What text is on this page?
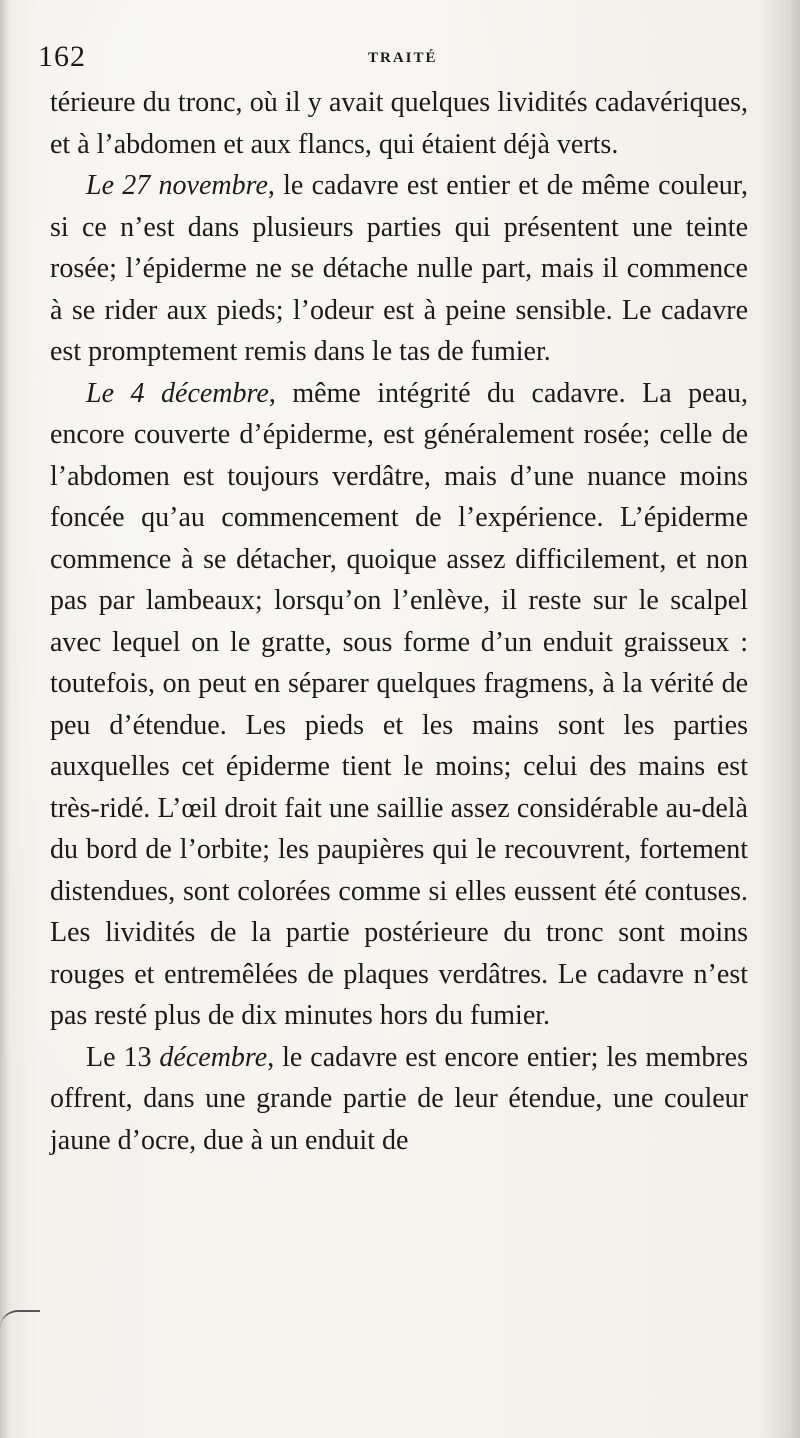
162	TRAITÉ

térieure du tronc, où il y avait quelques lividités cadavériques, et à l’abdomen et aux flancs, qui étaient déjà verts.

Le 27 novembre, le cadavre est entier et de même couleur, si ce n’est dans plusieurs parties qui présentent une teinte rosée; l’épiderme ne se détache nulle part, mais il commence à se rider aux pieds; l’odeur est à peine sensible. Le cadavre est promptement remis dans le tas de fumier.

Le 4 décembre, même intégrité du cadavre. La peau, encore couverte d’épiderme, est généralement rosée; celle de l’abdomen est toujours verdâtre, mais d’une nuance moins foncée qu’au commencement de l’expérience. L’épiderme commence à se détacher, quoique assez difficilement, et non pas par lambeaux; lorsqu’on l’enlève, il reste sur le scalpel avec lequel on le gratte, sous forme d’un enduit graisseux : toutefois, on peut en séparer quelques fragmens, à la vérité de peu d’étendue. Les pieds et les mains sont les parties auxquelles cet épiderme tient le moins; celui des mains est très-ridé. L’œil droit fait une saillie assez considérable au-delà du bord de l’orbite; les paupières qui le recouvrent, fortement distendues, sont colorées comme si elles eussent été contuses. Les lividités de la partie postérieure du tronc sont moins rouges et entremêlées de plaques verdâtres. Le cadavre n’est pas resté plus de dix minutes hors du fumier.

Le 13 décembre, le cadavre est encore entier; les membres offrent, dans une grande partie de leur étendue, une couleur jaune d’ocre, due à un enduit de
